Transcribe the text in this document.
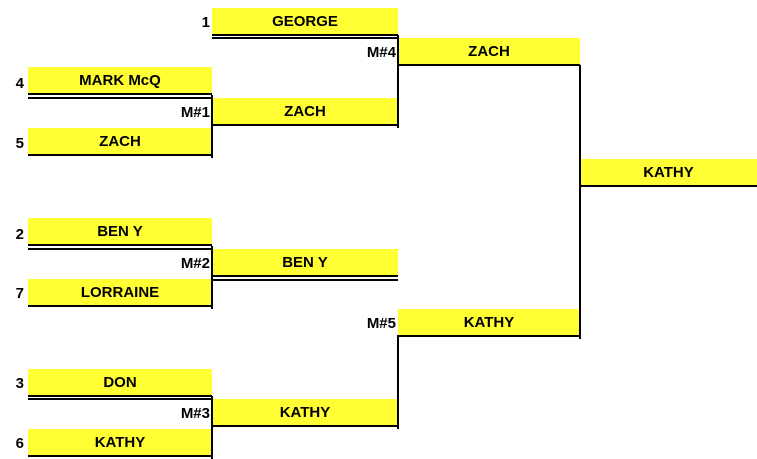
1
4
5
2
7
3
6
GEORGE
MARK McQ
ZACH
BEN Y
LORRAINE
DON
KATHY
M#1
M#2
M#3
ZACH
BEN Y
KATHY
M#4
M#5
ZACH
KATHY
KATHY
